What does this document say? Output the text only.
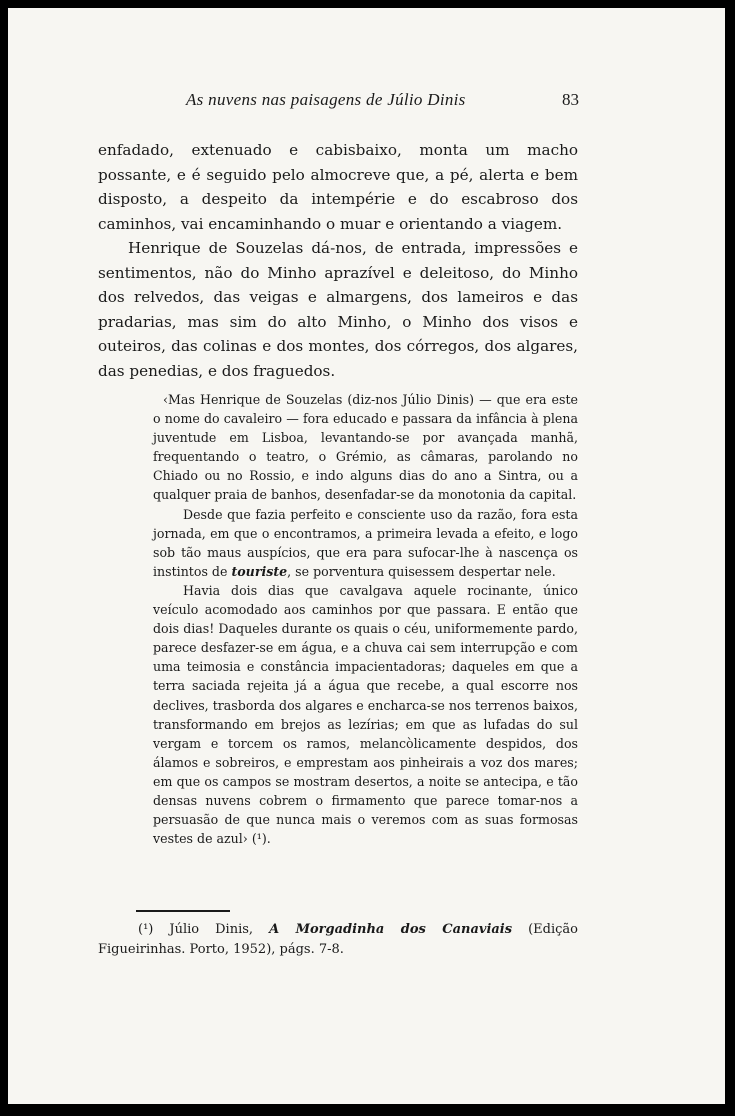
As nuvens nas paisagens de Júlio Dinis	83

enfadado, extenuado e cabisbaixo, monta um macho possante, e é seguido pelo almocreve que, a pé, alerta e bem disposto, a despeito da intempérie e do escabroso dos caminhos, vai encaminhando o muar e orientando a viagem.

Henrique de Souzelas dá-nos, de entrada, impressões e sentimentos, não do Minho aprazível e deleitoso, do Minho dos relvedos, das veigas e almargens, dos lameiros e das pradarias, mas sim do alto Minho, o Minho dos visos e outeiros, das colinas e dos montes, dos córregos, dos algares, das penedias, e dos fraguedos.

‹Mas Henrique de Souzelas (diz-nos Júlio Dinis) — que era este o nome do cavaleiro — fora educado e passara da infância à plena juventude em Lisboa, levantando-se por avançada manhã, frequentando o teatro, o Grémio, as câmaras, parolando no Chiado ou no Rossio, e indo alguns dias do ano a Sintra, ou a qualquer praia de banhos, desenfadar-se da monotonia da capital.

Desde que fazia perfeito e consciente uso da razão, fora esta jornada, em que o encontramos, a primeira levada a efeito, e logo sob tão maus auspícios, que era para sufocar-lhe à nascença os instintos de touriste, se porventura quisessem despertar nele.

Havia dois dias que cavalgava aquele rocinante, único veículo acomodado aos caminhos por que passara. E então que dois dias! Daqueles durante os quais o céu, uniformemente pardo, parece desfazer-se em água, e a chuva cai sem interrupção e com uma teimosia e constância impacientadoras; daqueles em que a terra saciada rejeita já a água que recebe, a qual escorre nos declives, trasborda dos algares e encharca-se nos terrenos baixos, transformando em brejos as lezírias; em que as lufadas do sul vergam e torcem os ramos, melancòlicamente despidos, dos álamos e sobreiros, e emprestam aos pinheirais a voz dos mares; em que os campos se mostram desertos, a noite se antecipa, e tão densas nuvens cobrem o firmamento que parece tomar-nos a persuasão de que nunca mais o veremos com as suas formosas vestes de azul› (¹).

(¹) Júlio Dinis, A Morgadinha dos Canaviais (Edição Figueirinhas. Porto, 1952), págs. 7-8.
